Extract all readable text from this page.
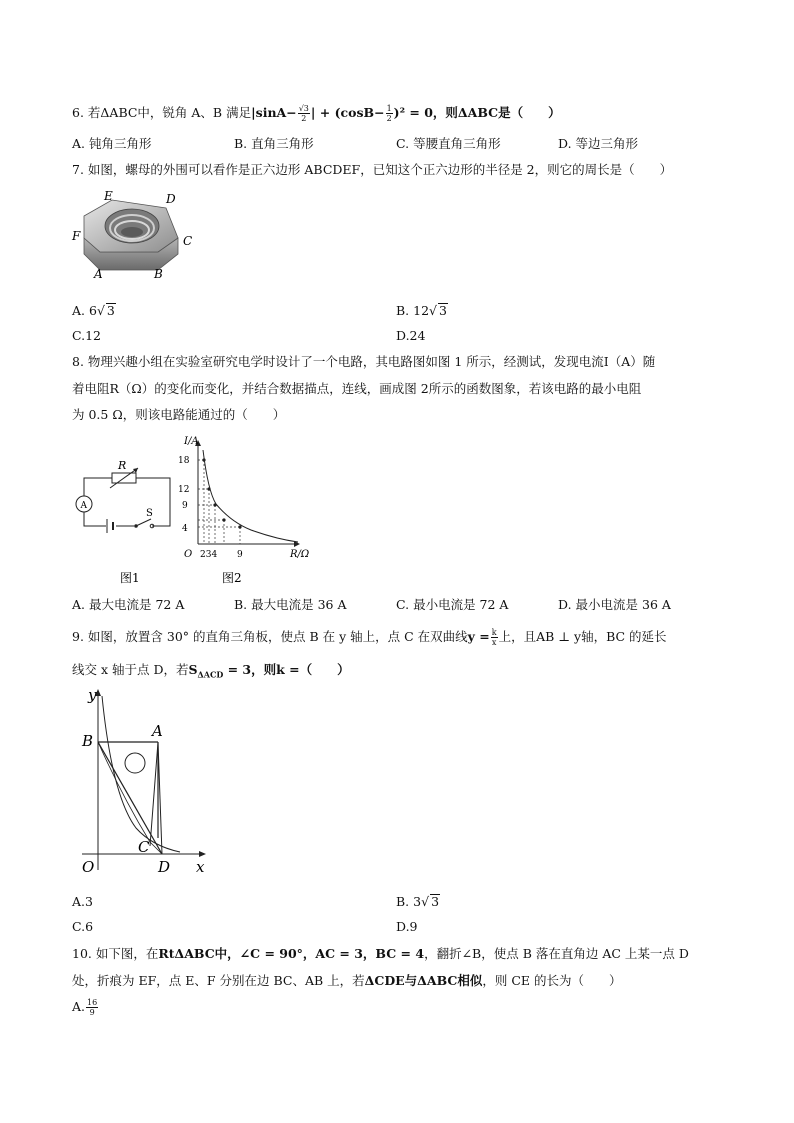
6. 若ΔABC中，锐角 A、B 满足$|\sin A- \frac{√3}{2}$ | + $(\cos B- \frac{1}{2} )^2 = 0$，则ΔABC是（　　）
A. 钝角三角形	B. 直角三角形	C. 等腰直角三角形	D. 等边三角形
7. 如图，螺母的外围可以看作是正六边形 ABCDEF，已知这个正六边形的半径是 2，则它的周长是（　　）
E	D
F	C
A	B
A. 6√ 3	B. 12√ 3
C.12	D.24
8. 物理兴趣小组在实验室研究电学时设计了一个电路，其电路图如图 1 所示，经测试，发现电流I（A）随
着电阻R（Ω）的变化而变化，并结合数据描点，连线，画成图 2所示的函数图象，若该电路的最小电阻
为 0.5 Ω，则该电路能通过的（　　）
R
A
S
图1
I/A
18
12
9
4
O 234 9	R/Ω
图2
A. 最大电流是 72 A	B. 最大电流是 36 A	C. 最小电流是 72 A	D. 最小电流是 36 A
9. 如图，放置含 30° 的直角三角板，使点 B 在 y 轴上，点 C 在双曲线$y = \frac{k}{x}$ 上，且AB ⊥ y轴，BC 的延长
线交 x 轴于点 D，若$S_{\Delta ACD} = 3$，则k =（　　）
y
x
O
B
A
C
D
A.3	B. 3√ 3
C.6	D.9
10. 如下图，在RtΔABC中，∠C = 90°，AC = 3，BC = 4，翻折∠B，使点 B 落在直角边 AC 上某一点 D
处，折痕为 EF，点 E、F 分别在边 BC、AB 上，若ΔCDE与ΔABC相似，则 CE 的长为（　　）
A. $\frac{16}{9}$
